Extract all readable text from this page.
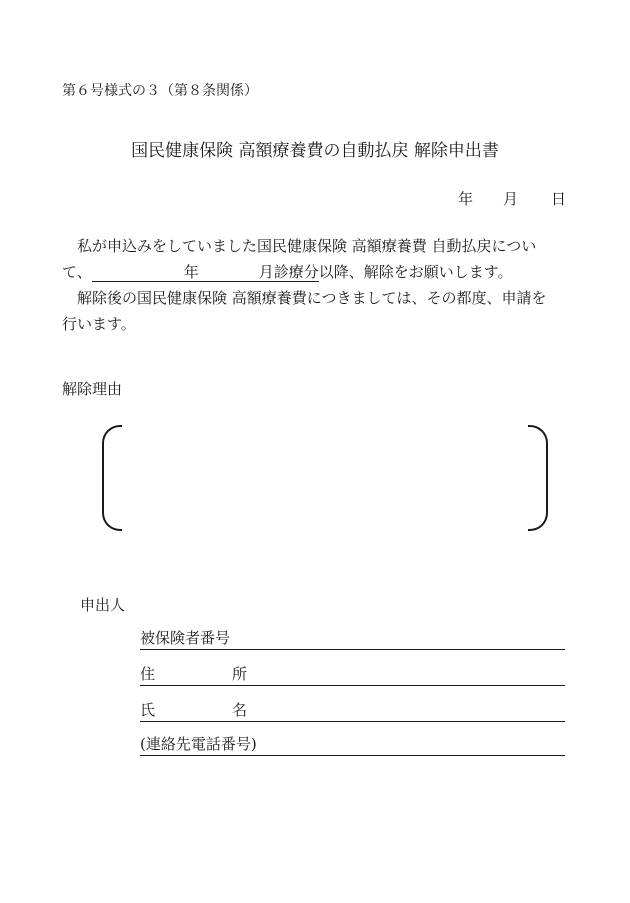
第６号様式の３（第８条関係）
国民健康保険 高額療養費の自動払戻 解除申出書
年 月 日
私が申込みをしていました国民健康保険 高額療養費 自動払戻につい
て、	年	月診療分以降、解除をお願いします。
解除後の国民健康保険 高額療養費につきましては、その都度、申請を
行います。
解除理由
申出人
被保険者番号
住	所
氏	名
(連絡先電話番号)
